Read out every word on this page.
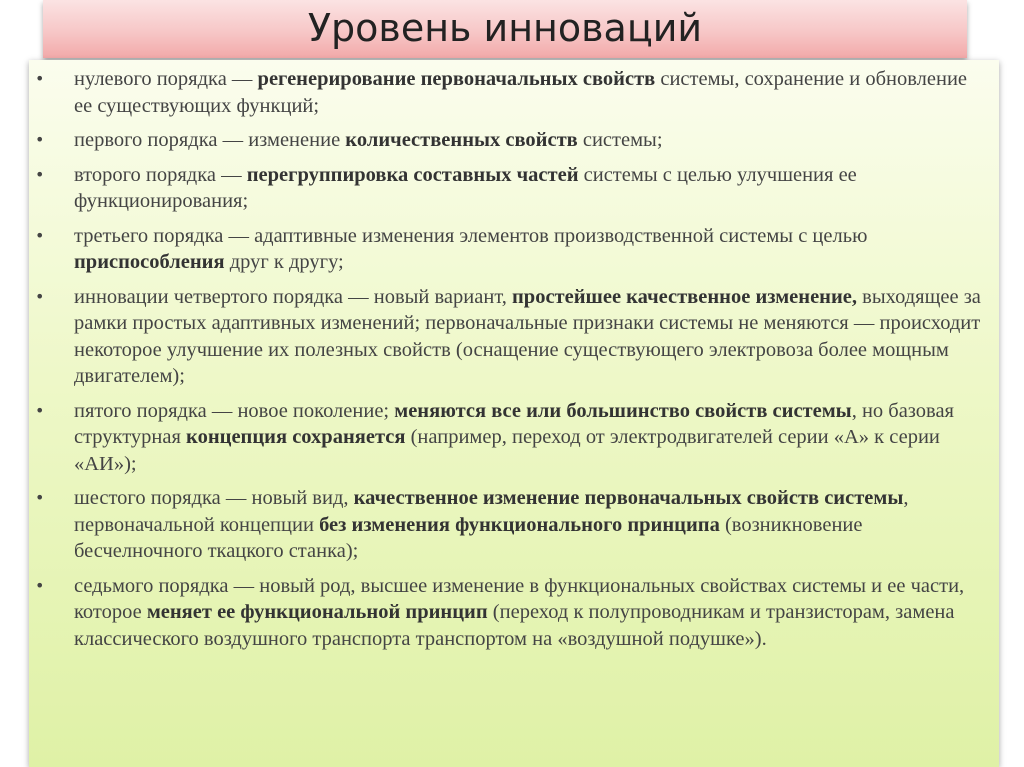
Уровень инноваций
• нулевого порядка — регенерирование первоначальных свойств системы, сохранение и обновление ее существующих функций;
• первого порядка — изменение количественных свойств системы;
• второго порядка — перегруппировка составных частей системы с целью улучшения ее функционирования;
• третьего порядка — адаптивные изменения элементов производственной системы с целью приспособления друг к другу;
• инновации четвертого порядка — новый вариант, простейшее качественное изменение, выходящее за рамки простых адаптивных изменений; первоначальные признаки системы не меняются — происходит некоторое улучшение их полезных свойств (оснащение существующего электровоза более мощным двигателем);
• пятого порядка — новое поколение; меняются все или большинство свойств системы, но базовая структурная концепция сохраняется (например, переход от электродвигателей серии «А» к серии «АИ»);
• шестого порядка — новый вид, качественное изменение первоначальных свойств системы, первоначальной концепции без изменения функционального принципа (возникновение бесчелночного ткацкого станка);
• седьмого порядка — новый род, высшее изменение в функциональных свойствах системы и ее части, которое меняет ее функциональной принцип (переход к полупроводникам и транзисторам, замена классического воздушного транспорта транспортом на «воздушной подушке»).
